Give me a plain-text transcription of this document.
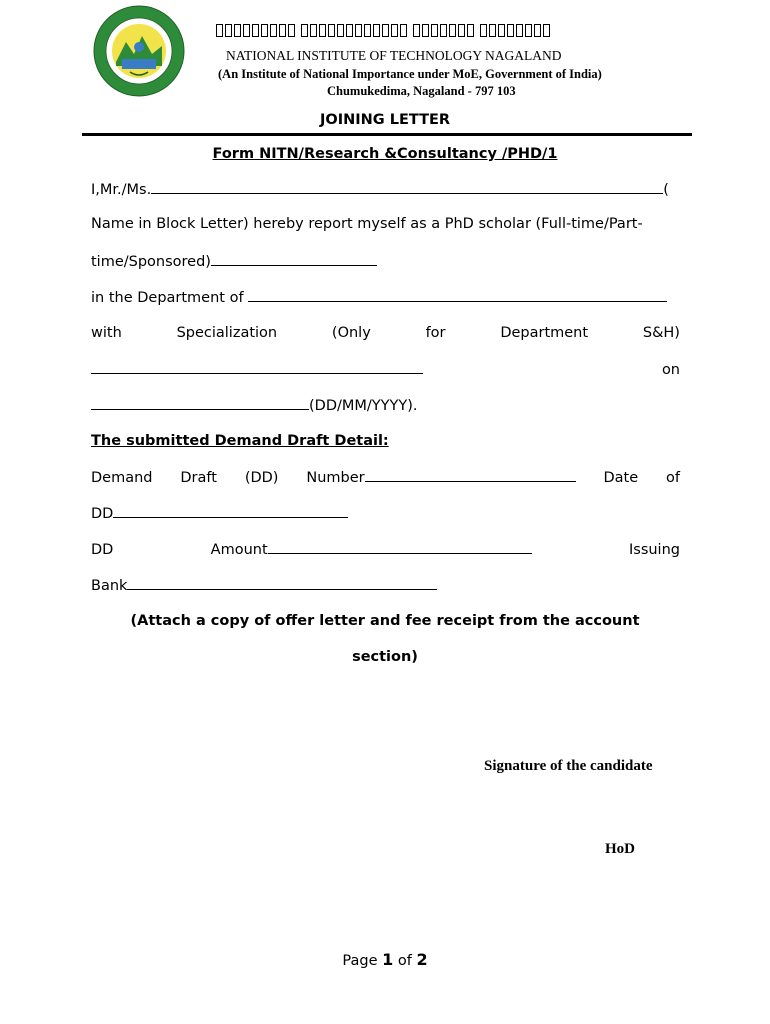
NATIONAL INSTITUTE OF TECHNOLOGY NAGALAND
(An Institute of National Importance under MoE, Government of India)
Chumukedima, Nagaland - 797 103
JOINING LETTER
Form NITN/Research &Consultancy /PHD/1
I,Mr./Ms.	(
Name in Block Letter) hereby report myself as a PhD scholar (Full-time/Part-
time/Sponsored)
in the Department of
with	Specialization	(Only	for	Department	S&H)
on
(DD/MM/YYYY).
The submitted Demand Draft Detail:
Demand Draft (DD) Number	Date of
DD
DD	Amount	Issuing
Bank
(Attach a copy of offer letter and fee receipt from the account
section)
Signature of the candidate
HoD
Page 1 of 2
